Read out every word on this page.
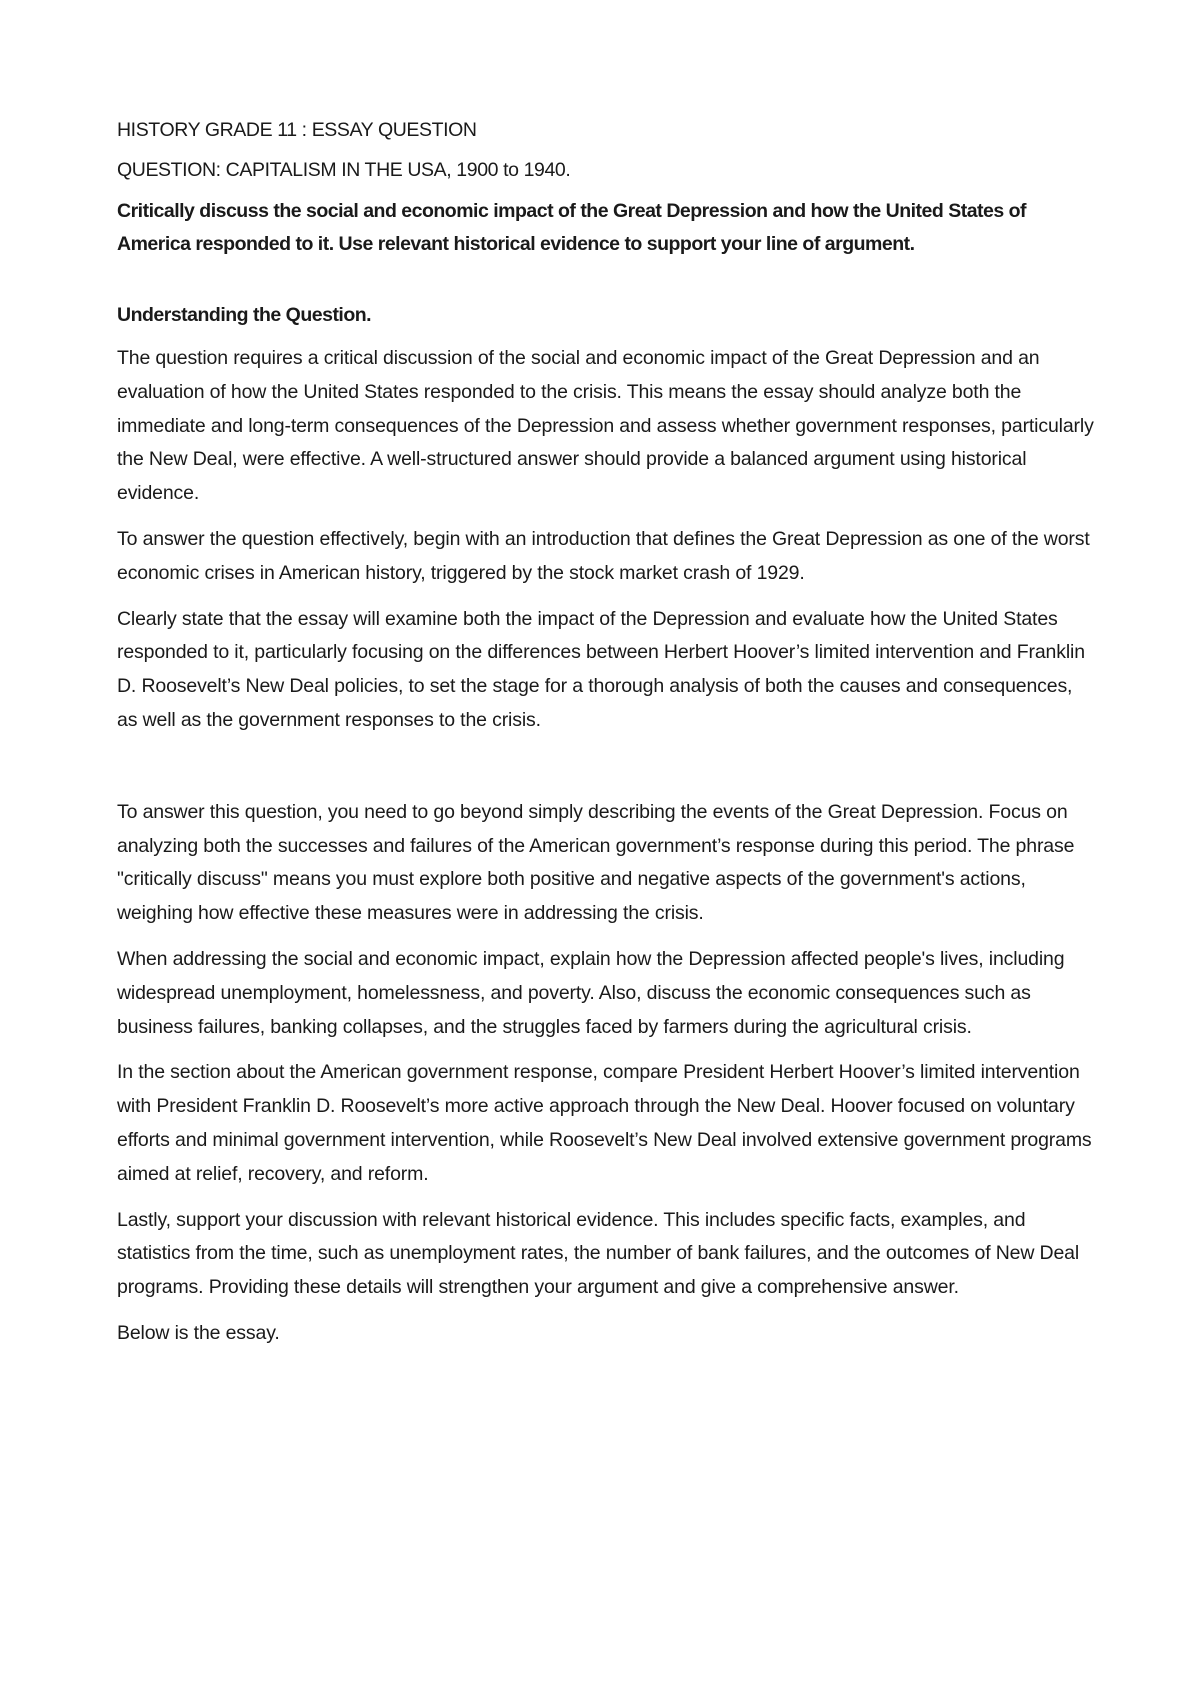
HISTORY GRADE 11 : ESSAY QUESTION
QUESTION: CAPITALISM IN THE USA, 1900 to 1940.
Critically discuss the social and economic impact of the Great Depression and how the United States of America responded to it. Use relevant historical evidence to support your line of argument.
Understanding the Question.

The question requires a critical discussion of the social and economic impact of the Great Depression and an evaluation of how the United States responded to the crisis. This means the essay should analyze both the immediate and long-term consequences of the Depression and assess whether government responses, particularly the New Deal, were effective. A well-structured answer should provide a balanced argument using historical evidence.

To answer the question effectively, begin with an introduction that defines the Great Depression as one of the worst economic crises in American history, triggered by the stock market crash of 1929.

Clearly state that the essay will examine both the impact of the Depression and evaluate how the United States responded to it, particularly focusing on the differences between Herbert Hoover’s limited intervention and Franklin D. Roosevelt’s New Deal policies, to set the stage for a thorough analysis of both the causes and consequences, as well as the government responses to the crisis.

To answer this question, you need to go beyond simply describing the events of the Great Depression. Focus on analyzing both the successes and failures of the American government’s response during this period. The phrase "critically discuss" means you must explore both positive and negative aspects of the government's actions, weighing how effective these measures were in addressing the crisis.

When addressing the social and economic impact, explain how the Depression affected people's lives, including widespread unemployment, homelessness, and poverty. Also, discuss the economic consequences such as business failures, banking collapses, and the struggles faced by farmers during the agricultural crisis.

In the section about the American government response, compare President Herbert Hoover’s limited intervention with President Franklin D. Roosevelt’s more active approach through the New Deal. Hoover focused on voluntary efforts and minimal government intervention, while Roosevelt’s New Deal involved extensive government programs aimed at relief, recovery, and reform.

Lastly, support your discussion with relevant historical evidence. This includes specific facts, examples, and statistics from the time, such as unemployment rates, the number of bank failures, and the outcomes of New Deal programs. Providing these details will strengthen your argument and give a comprehensive answer.

Below is the essay.
